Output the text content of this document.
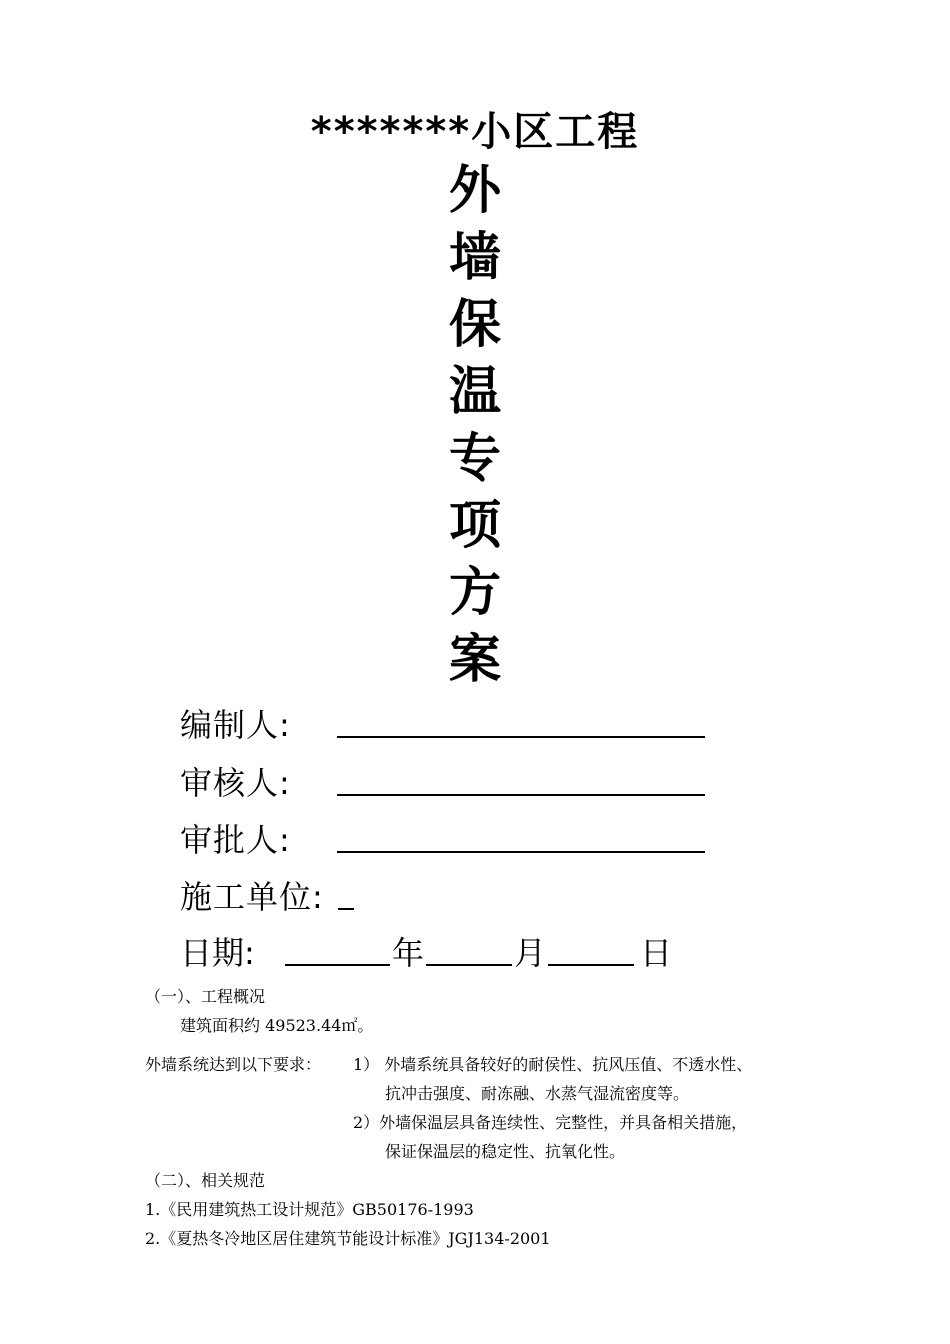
*******小区工程
外
墙
保
温
专
项
方
案
编制人:
审核人:
审批人:
施工单位:
日期:	年	月	日
（一）、工程概况
建筑面积约 49523.44㎡。
外墙系统达到以下要求： 1） 外墙系统具备较好的耐侯性、抗风压值、不透水性、
抗冲击强度、耐冻融、水蒸气湿流密度等。
2）外墙保温层具备连续性、完整性，并具备相关措施，
保证保温层的稳定性、抗氧化性。
（二）、相关规范
1.《民用建筑热工设计规范》GB50176-1993
2.《夏热冬冷地区居住建筑节能设计标准》JGJ134-2001
